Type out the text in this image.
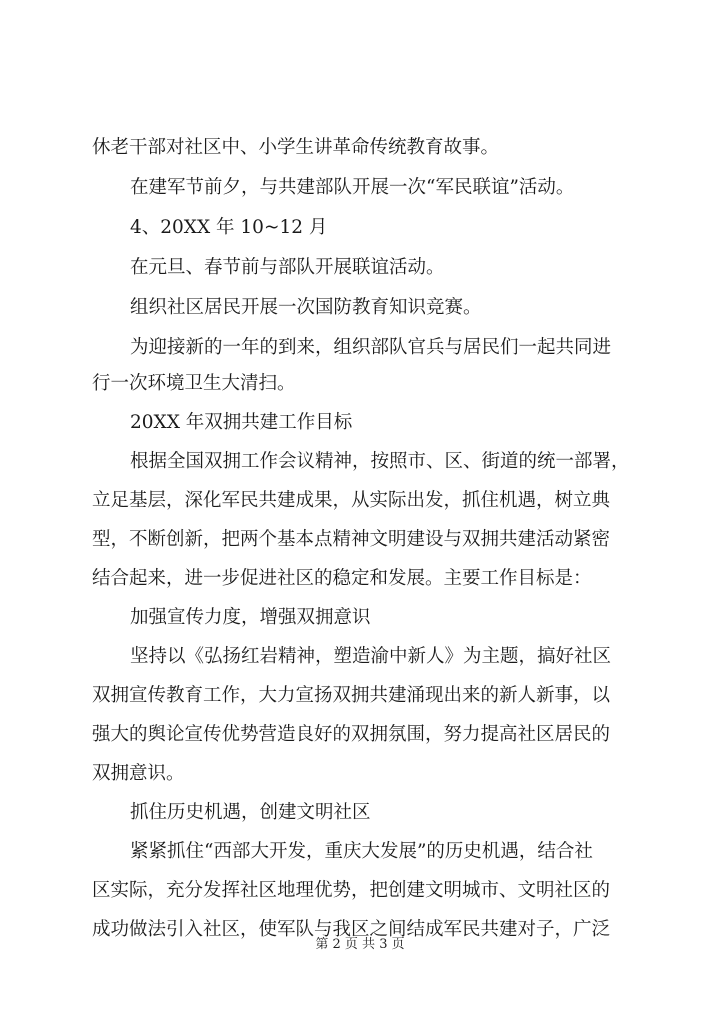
休老干部对社区中、小学生讲革命传统教育故事。
在建军节前夕，与共建部队开展一次“军民联谊”活动。
4、20XX 年 10~12 月
在元旦、春节前与部队开展联谊活动。
组织社区居民开展一次国防教育知识竞赛。
为迎接新的一年的到来，组织部队官兵与居民们一起共同进
行一次环境卫生大清扫。
20XX 年双拥共建工作目标
根据全国双拥工作会议精神，按照市、区、街道的统一部署，
立足基层，深化军民共建成果，从实际出发，抓住机遇，树立典
型，不断创新，把两个基本点精神文明建设与双拥共建活动紧密
结合起来，进一步促进社区的稳定和发展。主要工作目标是：
加强宣传力度，增强双拥意识
坚持以《弘扬红岩精神，塑造渝中新人》为主题，搞好社区
双拥宣传教育工作，大力宣扬双拥共建涌现出来的新人新事，以
强大的舆论宣传优势营造良好的双拥氛围，努力提高社区居民的
双拥意识。
抓住历史机遇，创建文明社区
紧紧抓住“西部大开发，重庆大发展”的历史机遇，结合社
区实际，充分发挥社区地理优势，把创建文明城市、文明社区的
成功做法引入社区，使军队与我区之间结成军民共建对子，广泛
第 2 页 共 3 页
